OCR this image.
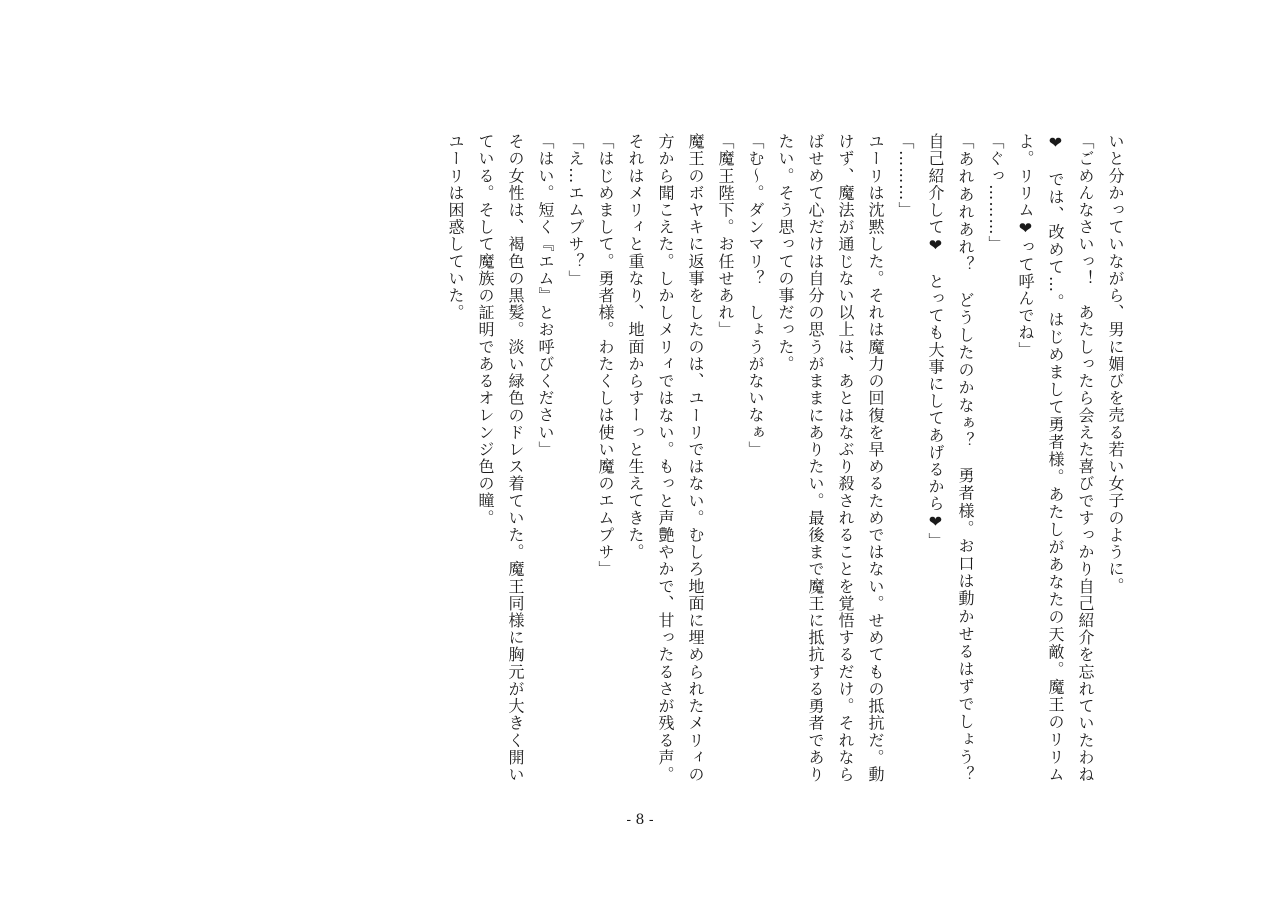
いと分かっていながら、男に媚びを売る若い女子のように。
「ごめんなさいっ！　あたしったら会えた喜びですっかり自己紹介を忘れていたわね❤　では、改めて…。はじめまして勇者様。あたしがあなたの天敵。魔王のリリムよ。リリム❤って呼んでね」
「ぐっ………」
「あれあれあれ？　どうしたのかなぁ？　勇者様。お口は動かせるはずでしょう？　自己紹介して❤　とっても大事にしてあげるから❤」
「………」
ユーリは沈黙した。それは魔力の回復を早めるためではない。せめてもの抵抗だ。動けず、魔法が通じない以上は、あとはなぶり殺されることを覚悟するだけ。それならばせめて心だけは自分の思うがままにありたい。最後まで魔王に抵抗する勇者でありたい。そう思っての事だった。
「む～。ダンマリ？　しょうがないなぁ」
「魔王陛下。お任せあれ」
魔王のボヤキに返事をしたのは、ユーリではない。むしろ地面に埋められたメリィの方から聞こえた。しかしメリィではない。もっと声艶やかで、甘ったるさが残る声。それはメリィと重なり、地面からすーっと生えてきた。
「はじめまして。勇者様。わたくしは使い魔のエムプサ」
「え…エムプサ？」
「はい。短く『エム』とお呼びください」
その女性は、褐色の黒髪。淡い緑色のドレス着ていた。魔王同様に胸元が大きく開いている。そして魔族の証明であるオレンジ色の瞳。
ユーリは困惑していた。
- 8 -
